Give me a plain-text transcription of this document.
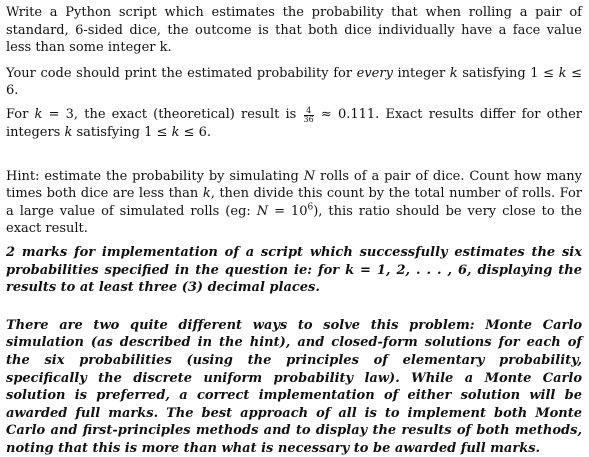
Write a Python script which estimates the probability that when rolling a pair of standard, 6-sided dice, the outcome is that both dice individually have a face value less than some integer k.

Your code should print the estimated probability for every integer k satisfying 1 ≤ k ≤ 6.

For k = 3, the exact (theoretical) result is $\frac{4}{36} \approx 0.111$. Exact results differ for other integers k satisfying 1 ≤ k ≤ 6.

Hint: estimate the probability by simulating N rolls of a pair of dice. Count how many times both dice are less than k, then divide this count by the total number of rolls. For a large value of simulated rolls (eg: $N = 10^6$), this ratio should be very close to the exact result.

2 marks for implementation of a script which successfully estimates the six probabilities specified in the question ie: for k = 1, 2, . . . , 6, displaying the results to at least three (3) decimal places.

There are two quite different ways to solve this problem: Monte Carlo simulation (as described in the hint), and closed-form solutions for each of the six probabilities (using the principles of elementary probability, specifically the discrete uniform probability law). While a Monte Carlo solution is preferred, a correct implementation of either solution will be awarded full marks. The best approach of all is to implement both Monte Carlo and first-principles methods and to display the results of both methods, noting that this is more than what is necessary to be awarded full marks.
